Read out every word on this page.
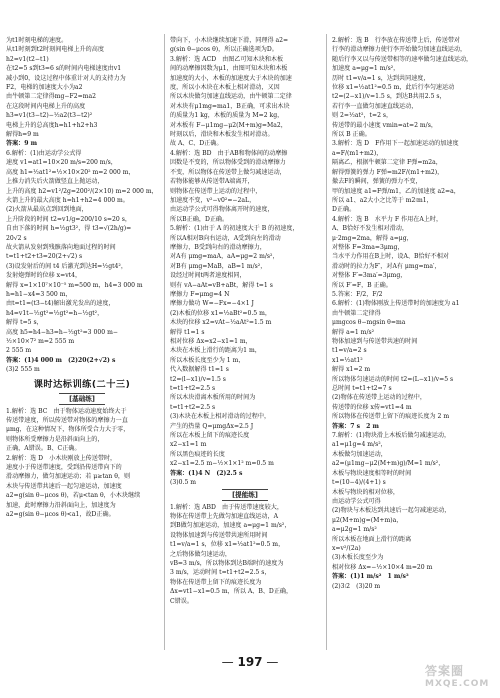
为t1时刻电梯的速度。
从t1时刻到t2时刻间电梯上升的高度
h2=v1(t2−t1)
在t2=5 s到t3=6 s的时间内电梯速度由v1
减小到0，设这过程中体重计对人的支持力为
F2，电梯的加速度大小为a2
由牛顿第二定律得mg−F2=ma2
在这段时间内电梯上升的高度
h3=v1(t3−t2)−½a2(t3−t2)²
电梯上升的总高度h=h1+h2+h3
解得h=9 m
答案：9 m
6.解析：(1)由运动学公式得
速度 v1=at1=10×20 m/s=200 m/s，
高度 h1=½at1²=½×10×20² m=2 000 m，
上推力消失后火箭做竖直上抛运动，
上升的高度 h2=v1²/2g=200²/(2×10) m=2 000 m，
火箭上升的最大高度 h=h1+h2=4 000 m。
(2)火箭从最高点到回到地面，
上升阶段的时间 t2=v1/g=200/10 s=20 s，
自由下落的时间 h=½gt3²，得 t3=√(2h/g)=
20√2 s
故火箭从发射到残骸落向地面过程的时间
t=t1+t2+t3=20(2+√2) s
(3)设发射后的间 t4 后激光到达H=½gt4²，
发射炮弹时的位移 x=vt4，
解得 x=1×10⁷×10⁻⁵ m=500 m，h4=3 000 m
h=h1−x4=3 500 m，
由t=t1=(t3−t4)解出激光发出的速度，
h4=v1t−½gt²=½gt²=h−½gt²，
解得 t=5 s，
高度 h5=h4−h3=h−½gt²=3 000 m−
½×10×7² m=2 555 m
2 555 m
答案：(1)4 000 m　(2)20(2+√2) s
(3)2 555 m
课时达标训练(二十三)
[基础练]
1.解析：选 BC　由于物体运动速度始终大于
传送带速度，所以传送带对物体的摩擦力一直
μmg，在这种情况下，物体所受合力大于零，
则物体所受摩擦力是沿斜面向上的，
正确，A错误。B、C正确。
2.解析：选 D　小木块刚放上传送带时，
速度小于传送带速度，受到沿传送带向下的
滑动摩擦力，做匀加速运动；若 μ≥tan θ，则
木块与传送带共速后一起匀速运动，加速度
a2=g(sin θ−μcos θ)，若μ<tan θ，小木块继续
加速，此时摩擦力沿斜面向上，加速度为
a2=g(sin θ−μcos θ)<a1，故D正确。
带向下，小木块继续加速下滑，同理得 a2=
g(sin θ−μcos θ)，所以正确选项为D。
3.解析：选 ACD　由图乙可知木块和木板
间的动摩擦因数为μ1，由图可知木块和木板
加速度的大小，木板的加速度大于木块的加速
度，所以小木块在木板上相对滑动，又因
所以木块做匀加速直线运动，由牛顿第二定律
对木块有μ1mg=ma1，B正确，可求出木块
的质量为1 kg，木板的质量为 M=2 kg，
对木板有 F−μ1mg−μ2(M+m)g=Ma2，
时刻以后，滑块和木板发生相对滑动。
故 A、C、D正确。
4.解析：选 BD　由于AB和物体间的动摩擦
因数是不变的，所以物体受到的滑动摩擦力
不变，所以物体在传送带上做匀减速运动，
若物体能够从传送带A端离开，
则物体在传送带上运动的过程中，
加速度不变，v²−v0²=−2aL，
由运动学公式可得物体离开时的速度，
所以B正确，D正确。
5.解析：(1)由于 A 的初速度大于 B 的初速度，
所以A相对B向右运动，A受到向左的滑动
摩擦力，B受到向右的滑动摩擦力，
对A有 μmg=maA，aA=μg=2 m/s²，
对B有 μmg=MaB，aB=1 m/s²，
设经过时间t两者速度相同，
则有 vA−aAt=vB+aBt，解得 t=1 s
摩擦力 F=μmg=4 N
摩擦力做功 W=−Fx=−4×1 J
(2)木板的位移 x1=½aBt²=0.5 m，
木块的位移 x2=vAt−½aAt²=1.5 m
解得 t1=1 s
相对位移 Δx=x2−x1=1 m，
木块在木板上滑行的距离为1 m，
所以木板长度至少为 1 m，
代入数据解得 t1=1 s
t2=(l−x1)/v=1.5 s
t=t1+t2=2.5 s
所以木块滑离木板所用的时间为
t=t1+t2=2.5 s
(3)木块在木板上相对滑动的过程中，
产生的热量 Q=μmgΔx=2.5 J
所以在木板上留下的痕迹长度
x2−x1=1 m
所以黑色痕迹的长度
x2−x1=2.5 m−½×1×1² m=0.5 m
答案：(1)4 N　(2)2.5 s
(3)0.5 m
[提能练]
1.解析：选 ABD　由于传送带速度较大，
物体在传送带上先做匀加速直线运动，A
到B做匀加速运动，加速度 a=μg=1 m/s²，
设物体加速到与传送带共速所用时间
t1=v/a=1 s，位移 x1=½at1²=0.5 m，
之后物体做匀速运动，
vB=3 m/s，所以物体到达B端时的速度为
3 m/s，运动时间 t=t1+t2=2.5 s，
物体在传送带上留下的痕迹长度为
Δx=vt1−x1=0.5 m，所以 A、B、D正确，
C错误。
2.解析：选 B　行李放在传送带上后，传送带对
行李的滑动摩擦力使行李开始做匀加速直线运动，
随后行李又以与传送带相等的速率做匀速直线运动，
加速度 a=μg=1 m/s²，
历时 t1=v/a=1 s，达到共同速度，
位移 x1=½at1²=0.5 m，此后行李匀速运动
t2=(2−x1)/v=1.5 s，到达B共用2.5 s，
若行李一直做匀加速直线运动，
则 2=½at²，t=2 s，
传送带的最小速度 vmin=at=2 m/s，
所以 B 正确。
3.解析：选 D　F作用下一起加速运动的加速度
a=F/(m1+m2)，
隔离乙，根据牛顿第二定律 F弹=m2a，
解得弹簧的弹力 F弹=m2F/(m1+m2)，
撤去F的瞬间，弹簧的弹力不变，
甲的加速度 a1=F弹/m1，乙的加速度 a2=a，
所以 a1、a2大小之比等于 m2∶m1，
D正确。
4.解析：选 B　水平力 F 作用在A上时，
A、B恰好不发生相对滑动，
μ·2mg=2ma，解得 a=μg，
对整体 F=3ma=3μmg，
当水平力作用在B上时，设A、B恰好不相对
滑动时的拉力为F′，对A有 μmg=ma′，
对整体 F′=3ma′=3μmg，
所以 F′=F，B 正确。
5.答案：F/2，F/2
6.解析：(1)物体刚放上传送带时的加速度为 a1
由牛顿第二定律得
μmgcos θ−mgsin θ=ma
解得 a=1 m/s²
物体加速到与传送带共速的时间
t1=v/a=2 s
x1=½at1²
解得 x1=2 m
所以物体匀速运动的时间 t2=(L−x1)/v=5 s
总时间 t=t1+t2=7 s
(2)物体在传送带上运动的过程中，
传送带的位移 x传=vt1=4 m
所以物体在传送带上留下的痕迹长度为 2 m
答案：7 s　2 m
7.解析：(1)物块滑上木板后做匀减速运动，
a1=μ1g=4 m/s²，
木板做匀加速运动，
a2=(μ1mg−μ2(M+m)g)/M=1 m/s²，
木板与物块速度相等时的时间
t=(10−4)/(4+1) s
木板与物块的相对位移，
由运动学公式可得
(2)物块与木板达到共速后一起匀减速运动，
μ2(M+m)g=(M+m)a，
a=μ2g=1 m/s²
所以木板在地面上滑行的距离
x=v²/(2a)
(3)木板长度至少为
相对位移 Δx=−½×10×4 m=20 m
答案：(1)1 m/s²　1 m/s²
(2)3∶2　(3)20 m
— 197 —
答案圈
MXQE.COM
